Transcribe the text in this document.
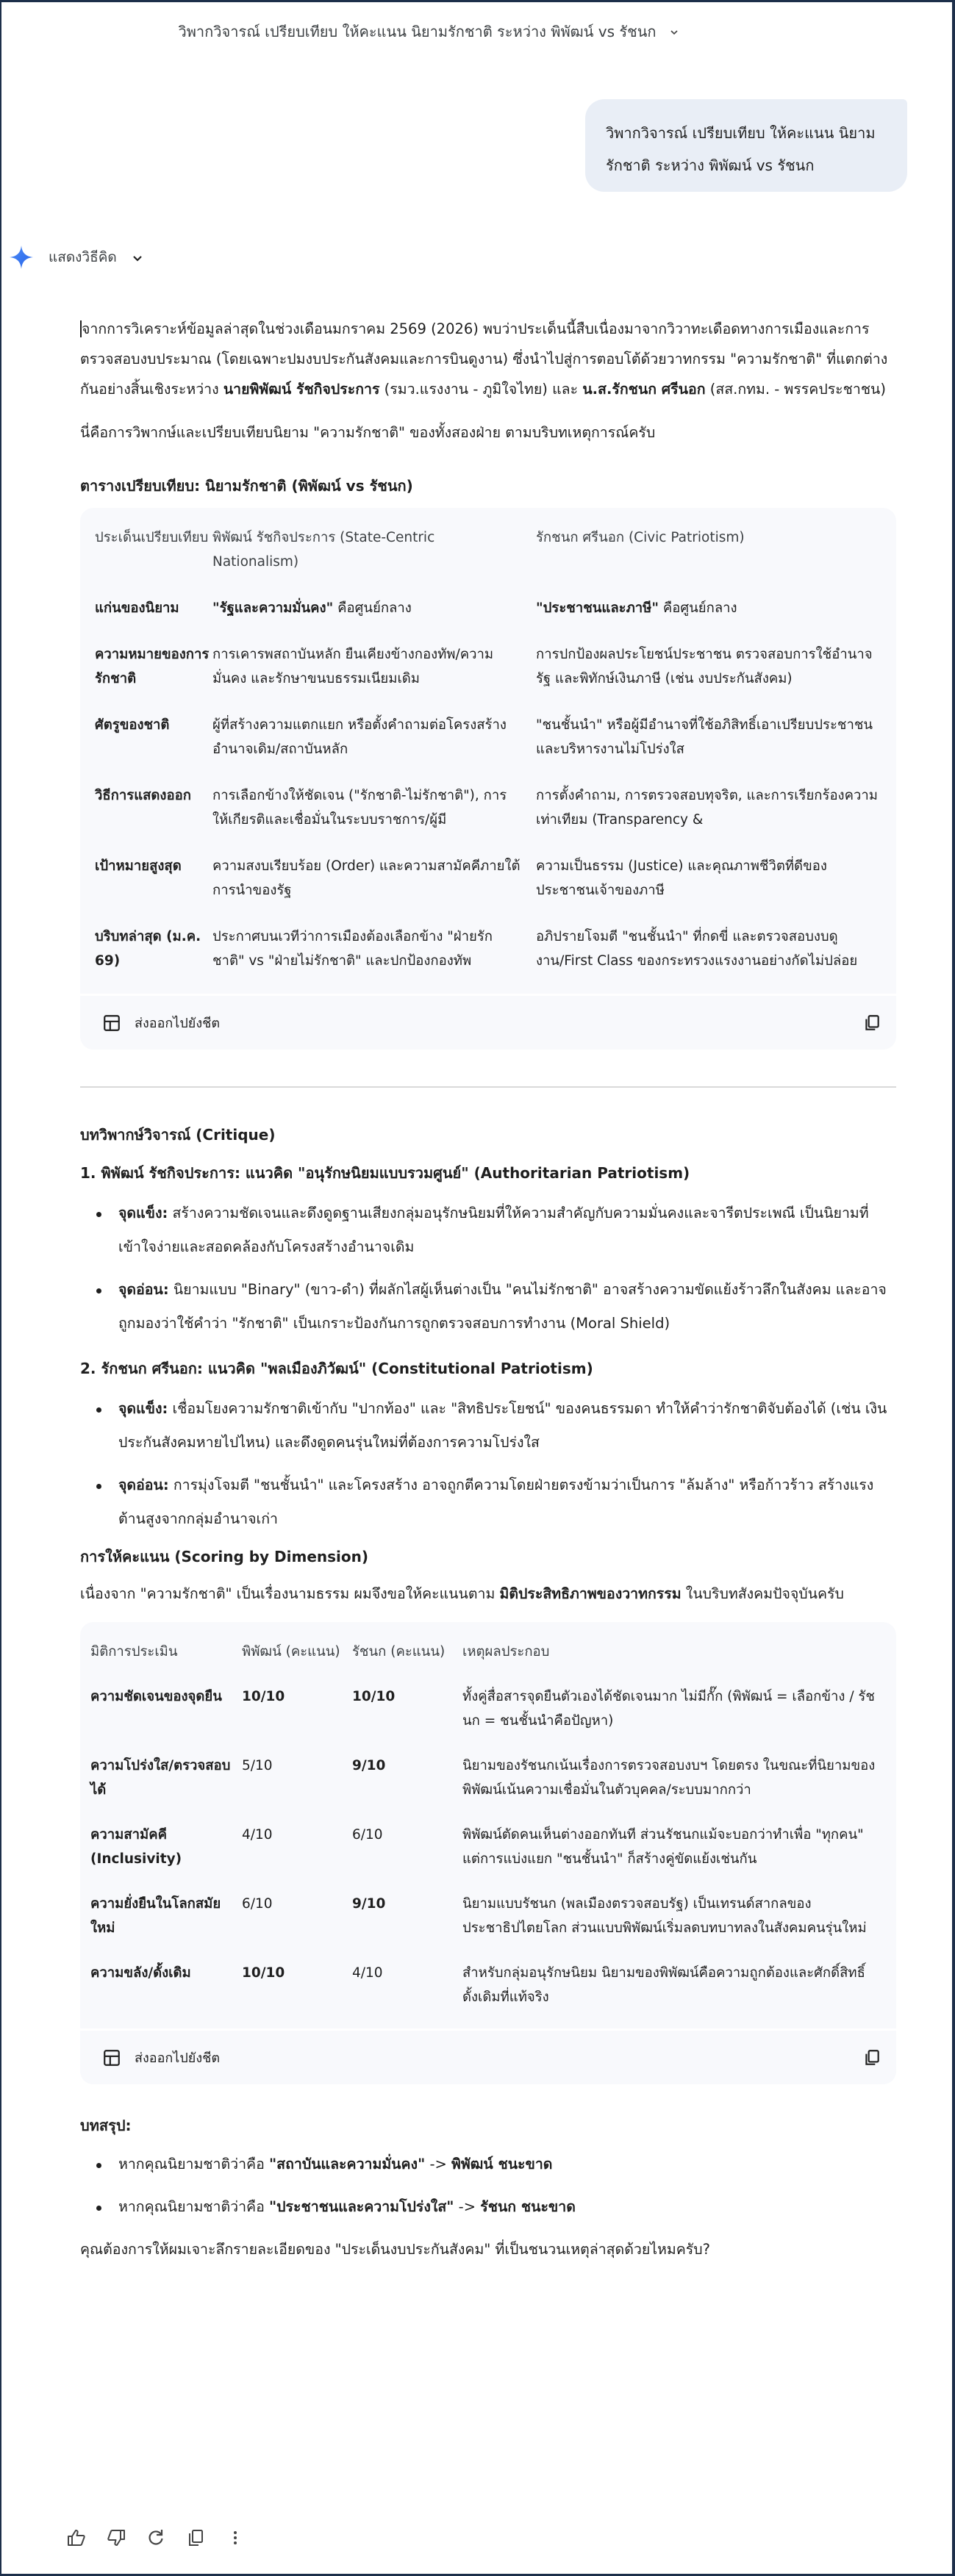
วิพากวิจารณ์ เปรียบเทียบ ให้คะแนน นิยามรักชาติ ระหว่าง พิพัฒน์ vs รัชนก
วิพากวิจารณ์ เปรียบเทียบ ให้คะแนน นิยามรักชาติ ระหว่าง พิพัฒน์ vs รัชนก
แสดงวิธีคิด

จากการวิเคราะห์ข้อมูลล่าสุดในช่วงเดือนมกราคม 2569 (2026) พบว่าประเด็นนี้สืบเนื่องมาจากวิวาทะเดือดทางการเมืองและการตรวจสอบงบประมาณ (โดยเฉพาะปมงบประกันสังคมและการบินดูงาน) ซึ่งนำไปสู่การตอบโต้ด้วยวาทกรรม "ความรักชาติ" ที่แตกต่างกันอย่างสิ้นเชิงระหว่าง นายพิพัฒน์ รัชกิจประการ (รมว.แรงงาน - ภูมิใจไทย) และ น.ส.รักชนก ศรีนอก (สส.กทม. - พรรคประชาชน)

นี่คือการวิพากษ์และเปรียบเทียบนิยาม "ความรักชาติ" ของทั้งสองฝ่าย ตามบริบทเหตุการณ์ครับ

ตารางเปรียบเทียบ: นิยามรักชาติ (พิพัฒน์ vs รัชนก)
ประเด็นเปรียบเทียบ	พิพัฒน์ รัชกิจประการ (State-Centric Nationalism)	รักชนก ศรีนอก (Civic Patriotism)
แก่นของนิยาม	"รัฐและความมั่นคง" คือศูนย์กลาง	"ประชาชนและภาษี" คือศูนย์กลาง
ความหมายของการรักชาติ	การเคารพสถาบันหลัก ยืนเคียงข้างกองทัพ/ความมั่นคง และรักษาขนบธรรมเนียมเดิม	การปกป้องผลประโยชน์ประชาชน ตรวจสอบการใช้อำนาจรัฐ และพิทักษ์เงินภาษี (เช่น งบประกันสังคม)
ศัตรูของชาติ	ผู้ที่สร้างความแตกแยก หรือตั้งคำถามต่อโครงสร้างอำนาจเดิม/สถาบันหลัก	"ชนชั้นนำ" หรือผู้มีอำนาจที่ใช้อภิสิทธิ์เอาเปรียบประชาชน และบริหารงานไม่โปร่งใส
วิธีการแสดงออก	การเลือกข้างให้ชัดเจน ("รักชาติ-ไม่รักชาติ"), การให้เกียรติและเชื่อมั่นในระบบราชการ/ผู้มี	การตั้งคำถาม, การตรวจสอบทุจริต, และการเรียกร้องความเท่าเทียม (Transparency &
เป้าหมายสูงสุด	ความสงบเรียบร้อย (Order) และความสามัคคีภายใต้การนำของรัฐ	ความเป็นธรรม (Justice) และคุณภาพชีวิตที่ดีของประชาชนเจ้าของภาษี
บริบทล่าสุด (ม.ค. 69)	ประกาศบนเวทีว่าการเมืองต้องเลือกข้าง "ฝ่ายรักชาติ" vs "ฝ่ายไม่รักชาติ" และปกป้องกองทัพ	อภิปรายโจมตี "ชนชั้นนำ" ที่กดขี่ และตรวจสอบงบดูงาน/First Class ของกระทรวงแรงงานอย่างกัดไม่ปล่อย
ส่งออกไปยังชีต
บทวิพากษ์วิจารณ์ (Critique)
1. พิพัฒน์ รัชกิจประการ: แนวคิด "อนุรักษนิยมแบบรวมศูนย์" (Authoritarian Patriotism)
จุดแข็ง: สร้างความชัดเจนและดึงดูดฐานเสียงกลุ่มอนุรักษนิยมที่ให้ความสำคัญกับความมั่นคงและจารีตประเพณี เป็นนิยามที่เข้าใจง่ายและสอดคล้องกับโครงสร้างอำนาจเดิม
จุดอ่อน: นิยามแบบ "Binary" (ขาว-ดำ) ที่ผลักไสผู้เห็นต่างเป็น "คนไม่รักชาติ" อาจสร้างความขัดแย้งร้าวลึกในสังคม และอาจถูกมองว่าใช้คำว่า "รักชาติ" เป็นเกราะป้องกันการถูกตรวจสอบการทำงาน (Moral Shield)
2. รักชนก ศรีนอก: แนวคิด "พลเมืองภิวัฒน์" (Constitutional Patriotism)
จุดแข็ง: เชื่อมโยงความรักชาติเข้ากับ "ปากท้อง" และ "สิทธิประโยชน์" ของคนธรรมดา ทำให้คำว่ารักชาติจับต้องได้ (เช่น เงินประกันสังคมหายไปไหน) และดึงดูดคนรุ่นใหม่ที่ต้องการความโปร่งใส
จุดอ่อน: การมุ่งโจมตี "ชนชั้นนำ" และโครงสร้าง อาจถูกตีความโดยฝ่ายตรงข้ามว่าเป็นการ "ล้มล้าง" หรือก้าวร้าว สร้างแรงต้านสูงจากกลุ่มอำนาจเก่า
การให้คะแนน (Scoring by Dimension)

เนื่องจาก "ความรักชาติ" เป็นเรื่องนามธรรม ผมจึงขอให้คะแนนตาม มิติประสิทธิภาพของวาทกรรม ในบริบทสังคมปัจจุบันครับ

มิติการประเมิน	พิพัฒน์ (คะแนน)	รัชนก (คะแนน)	เหตุผลประกอบ
ความชัดเจนของจุดยืน	10/10	10/10	ทั้งคู่สื่อสารจุดยืนตัวเองได้ชัดเจนมาก ไม่มีกั๊ก (พิพัฒน์ = เลือกข้าง / รัชนก = ชนชั้นนำคือปัญหา)
ความโปร่งใส/ตรวจสอบได้	5/10	9/10	นิยามของรัชนกเน้นเรื่องการตรวจสอบงบฯ โดยตรง ในขณะที่นิยามของพิพัฒน์เน้นความเชื่อมั่นในตัวบุคคล/ระบบมากกว่า
ความสามัคคี (Inclusivity)	4/10	6/10	พิพัฒน์ตัดคนเห็นต่างออกทันที ส่วนรัชนกแม้จะบอกว่าทำเพื่อ "ทุกคน" แต่การแบ่งแยก "ชนชั้นนำ" ก็สร้างคู่ขัดแย้งเช่นกัน
ความยั่งยืนในโลกสมัยใหม่	6/10	9/10	นิยามแบบรัชนก (พลเมืองตรวจสอบรัฐ) เป็นเทรนด์สากลของประชาธิปไตยโลก ส่วนแบบพิพัฒน์เริ่มลดบทบาทลงในสังคมคนรุ่นใหม่
ความขลัง/ดั้งเดิม	10/10	4/10	สำหรับกลุ่มอนุรักษนิยม นิยามของพิพัฒน์คือความถูกต้องและศักดิ์สิทธิ์ดั้งเดิมที่แท้จริง
ส่งออกไปยังชีต
บทสรุป:
หากคุณนิยามชาติว่าคือ "สถาบันและความมั่นคง" -> พิพัฒน์ ชนะขาด
หากคุณนิยามชาติว่าคือ "ประชาชนและความโปร่งใส" -> รัชนก ชนะขาด

คุณต้องการให้ผมเจาะลึกรายละเอียดของ "ประเด็นงบประกันสังคม" ที่เป็นชนวนเหตุล่าสุดด้วยไหมครับ?
